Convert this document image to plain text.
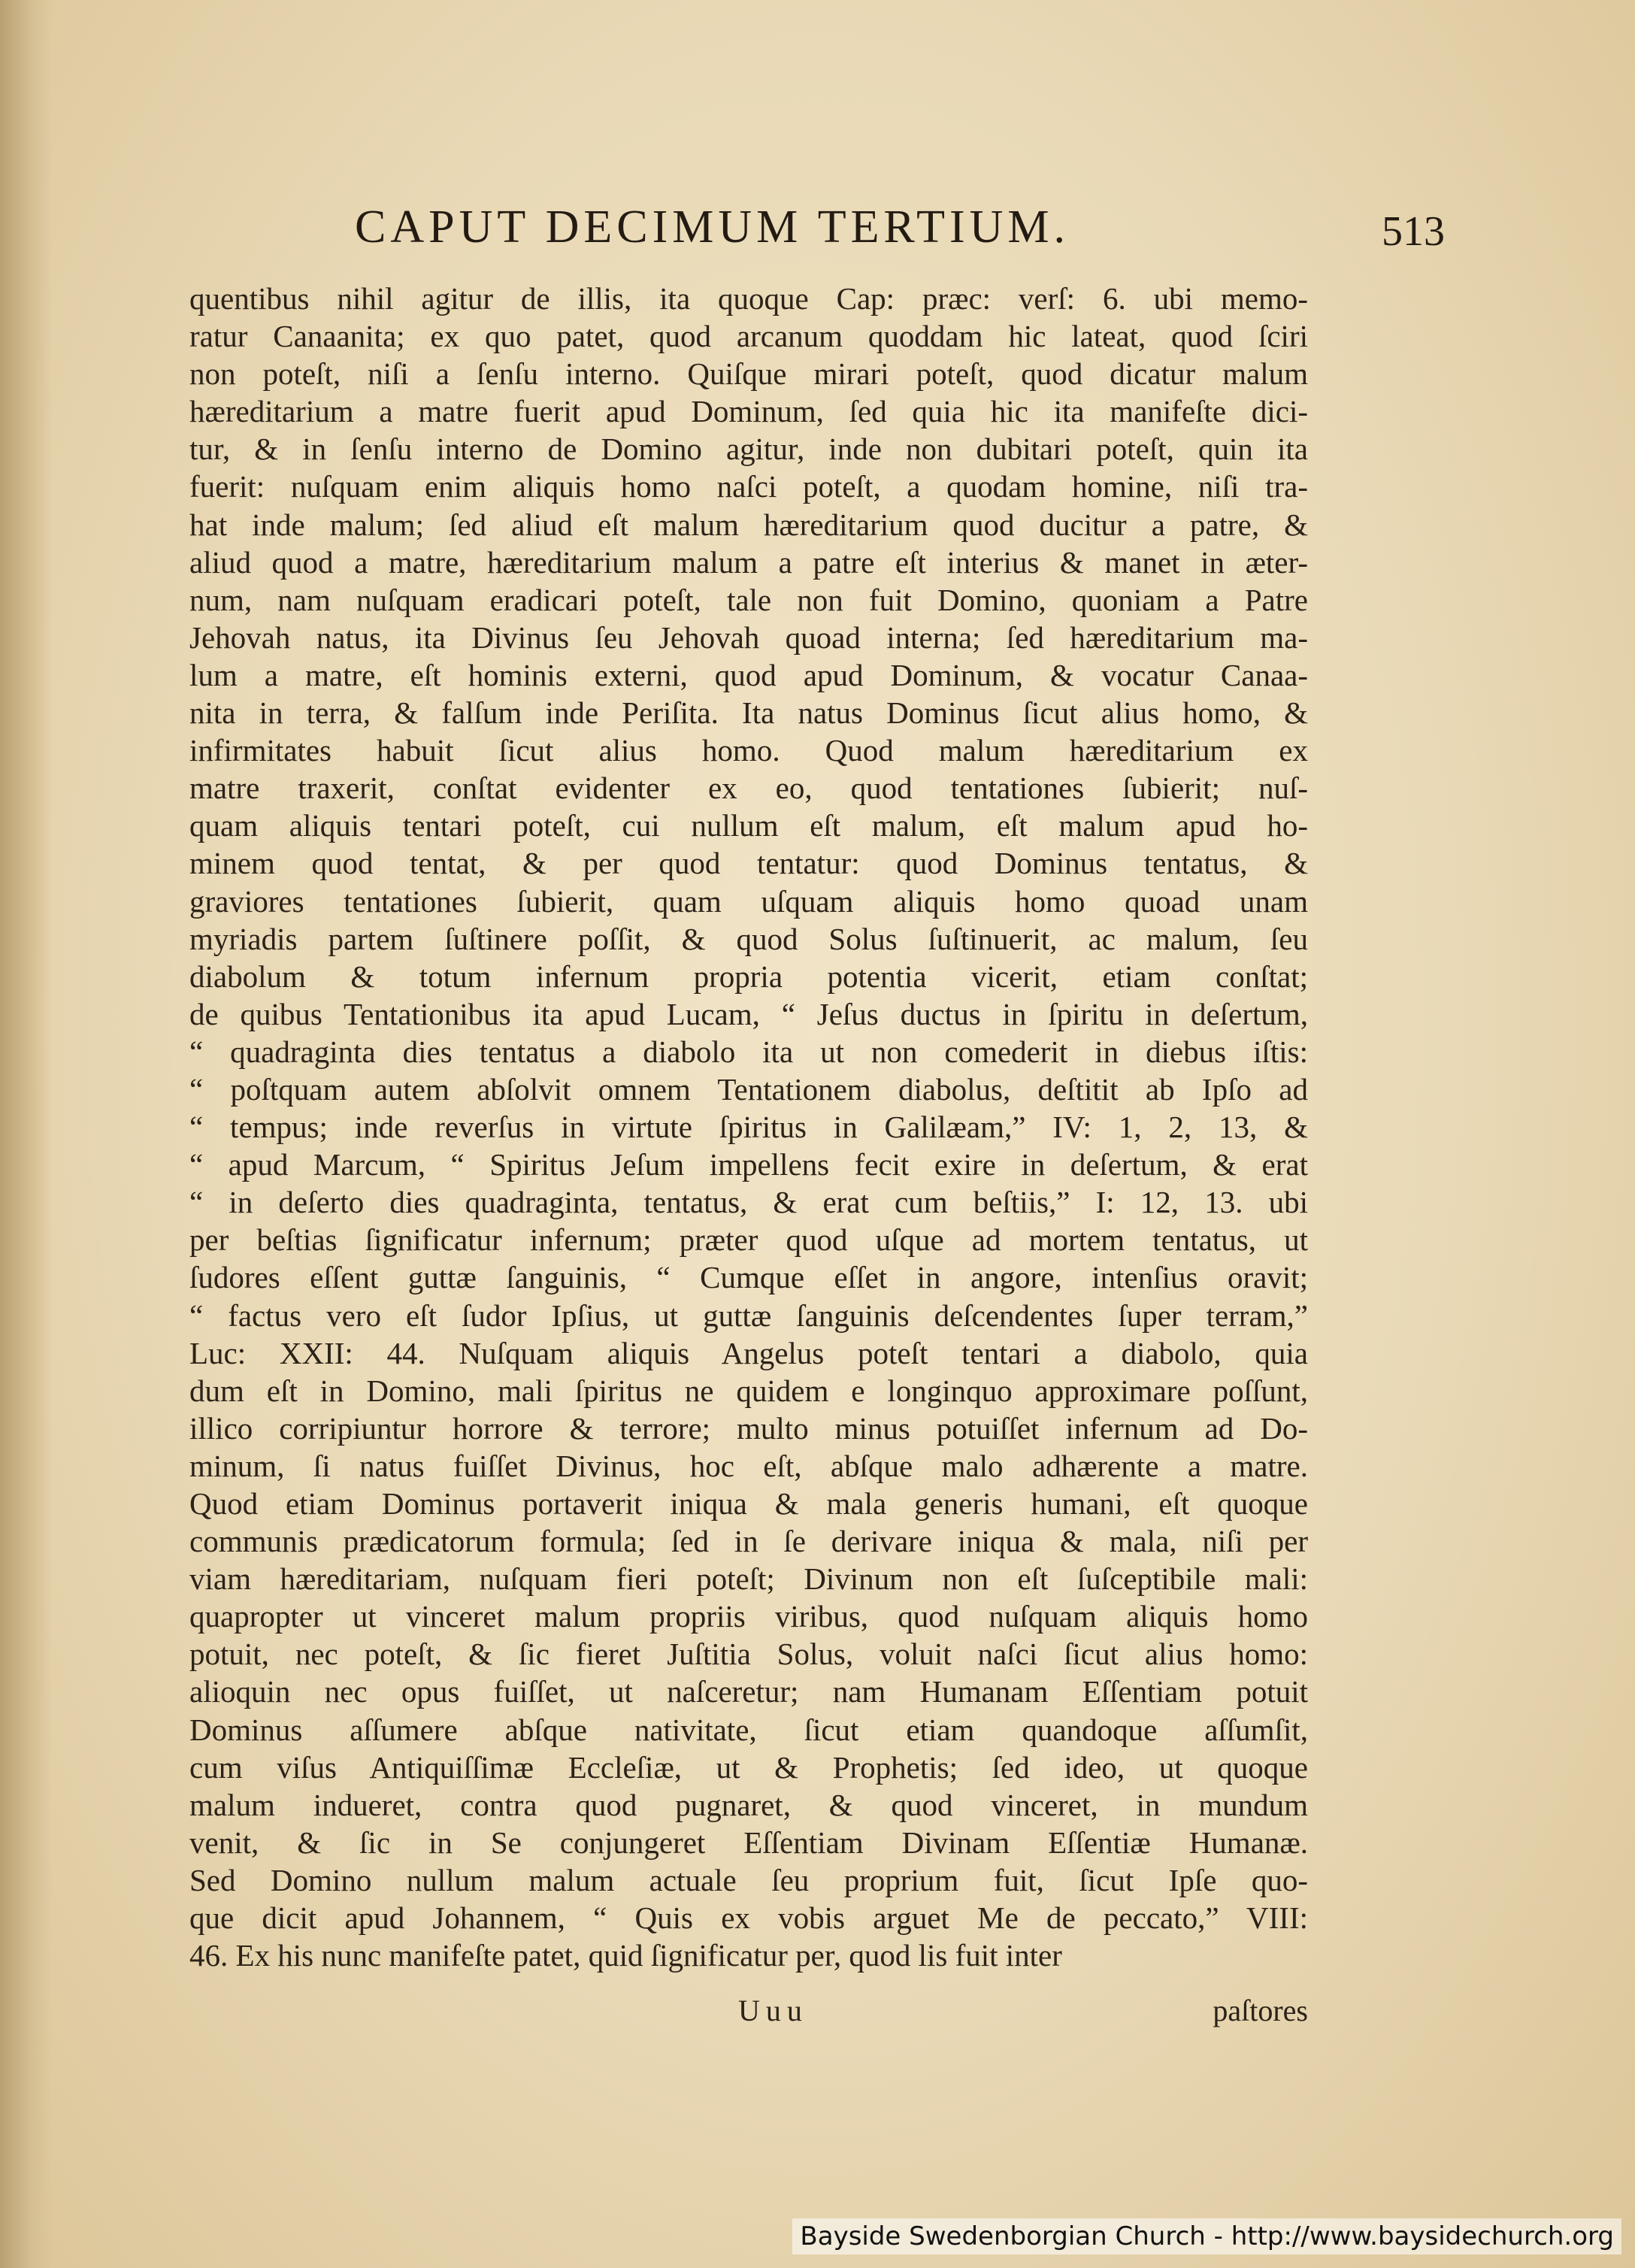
CAPUT DECIMUM TERTIUM.	513
quentibus nihil agitur de illis, ita quoque Cap: præc: verſ: 6. ubi memo-
ratur Canaanita; ex quo patet, quod arcanum quoddam hic lateat, quod ſciri
non poteſt, niſi a ſenſu interno. Quiſque mirari poteſt, quod dicatur malum
hæreditarium a matre fuerit apud Dominum, ſed quia hic ita manifeſte dici-
tur, & in ſenſu interno de Domino agitur, inde non dubitari poteſt, quin ita
fuerit: nuſquam enim aliquis homo naſci poteſt, a quodam homine, niſi tra-
hat inde malum; ſed aliud eſt malum hæreditarium quod ducitur a patre, &
aliud quod a matre, hæreditarium malum a patre eſt interius & manet in æter-
num, nam nuſquam eradicari poteſt, tale non fuit Domino, quoniam a Patre
Jehovah natus, ita Divinus ſeu Jehovah quoad interna; ſed hæreditarium ma-
lum a matre, eſt hominis externi, quod apud Dominum, & vocatur Canaa-
nita in terra, & falſum inde Periſita. Ita natus Dominus ſicut alius homo, &
infirmitates habuit ſicut alius homo. Quod malum hæreditarium ex
matre traxerit, conſtat evidenter ex eo, quod tentationes ſubierit; nuſ-
quam aliquis tentari poteſt, cui nullum eſt malum, eſt malum apud ho-
minem quod tentat, & per quod tentatur: quod Dominus tentatus, &
graviores tentationes ſubierit, quam uſquam aliquis homo quoad unam
myriadis partem ſuſtinere poſſit, & quod Solus ſuſtinuerit, ac malum, ſeu
diabolum & totum infernum propria potentia vicerit, etiam conſtat;
de quibus Tentationibus ita apud Lucam, “ Jeſus ductus in ſpiritu in deſertum,
“ quadraginta dies tentatus a diabolo ita ut non comederit in diebus iſtis:
“ poſtquam autem abſolvit omnem Tentationem diabolus, deſtitit ab Ipſo ad
“ tempus; inde reverſus in virtute ſpiritus in Galilæam,” IV: 1, 2, 13, &
“ apud Marcum, “ Spiritus Jeſum impellens fecit exire in deſertum, & erat
“ in deſerto dies quadraginta, tentatus, & erat cum beſtiis,” I: 12, 13. ubi
per beſtias ſignificatur infernum; præter quod uſque ad mortem tentatus, ut
ſudores eſſent guttæ ſanguinis, “ Cumque eſſet in angore, intenſius oravit;
“ factus vero eſt ſudor Ipſius, ut guttæ ſanguinis deſcendentes ſuper terram,”
Luc: XXII: 44. Nuſquam aliquis Angelus poteſt tentari a diabolo, quia
dum eſt in Domino, mali ſpiritus ne quidem e longinquo approximare poſſunt,
illico corripiuntur horrore & terrore; multo minus potuiſſet infernum ad Do-
minum, ſi natus fuiſſet Divinus, hoc eſt, abſque malo adhærente a matre.
Quod etiam Dominus portaverit iniqua & mala generis humani, eſt quoque
communis prædicatorum formula; ſed in ſe derivare iniqua & mala, niſi per
viam hæreditariam, nuſquam fieri poteſt; Divinum non eſt ſuſceptibile mali:
quapropter ut vinceret malum propriis viribus, quod nuſquam aliquis homo
potuit, nec poteſt, & ſic fieret Juſtitia Solus, voluit naſci ſicut alius homo:
alioquin nec opus fuiſſet, ut naſceretur; nam Humanam Eſſentiam potuit
Dominus aſſumere abſque nativitate, ſicut etiam quandoque aſſumſit,
cum viſus Antiquiſſimæ Eccleſiæ, ut & Prophetis; ſed ideo, ut quoque
malum indueret, contra quod pugnaret, & quod vinceret, in mundum
venit, & ſic in Se conjungeret Eſſentiam Divinam Eſſentiæ Humanæ.
Sed Domino nullum malum actuale ſeu proprium fuit, ſicut Ipſe quo-
que dicit apud Johannem, “ Quis ex vobis arguet Me de peccato,” VIII:
46. Ex his nunc manifeſte patet, quid ſignificatur per, quod lis fuit inter
Uuu	paſtores
Bayside Swedenborgian Church - http://www.baysidechurch.org
